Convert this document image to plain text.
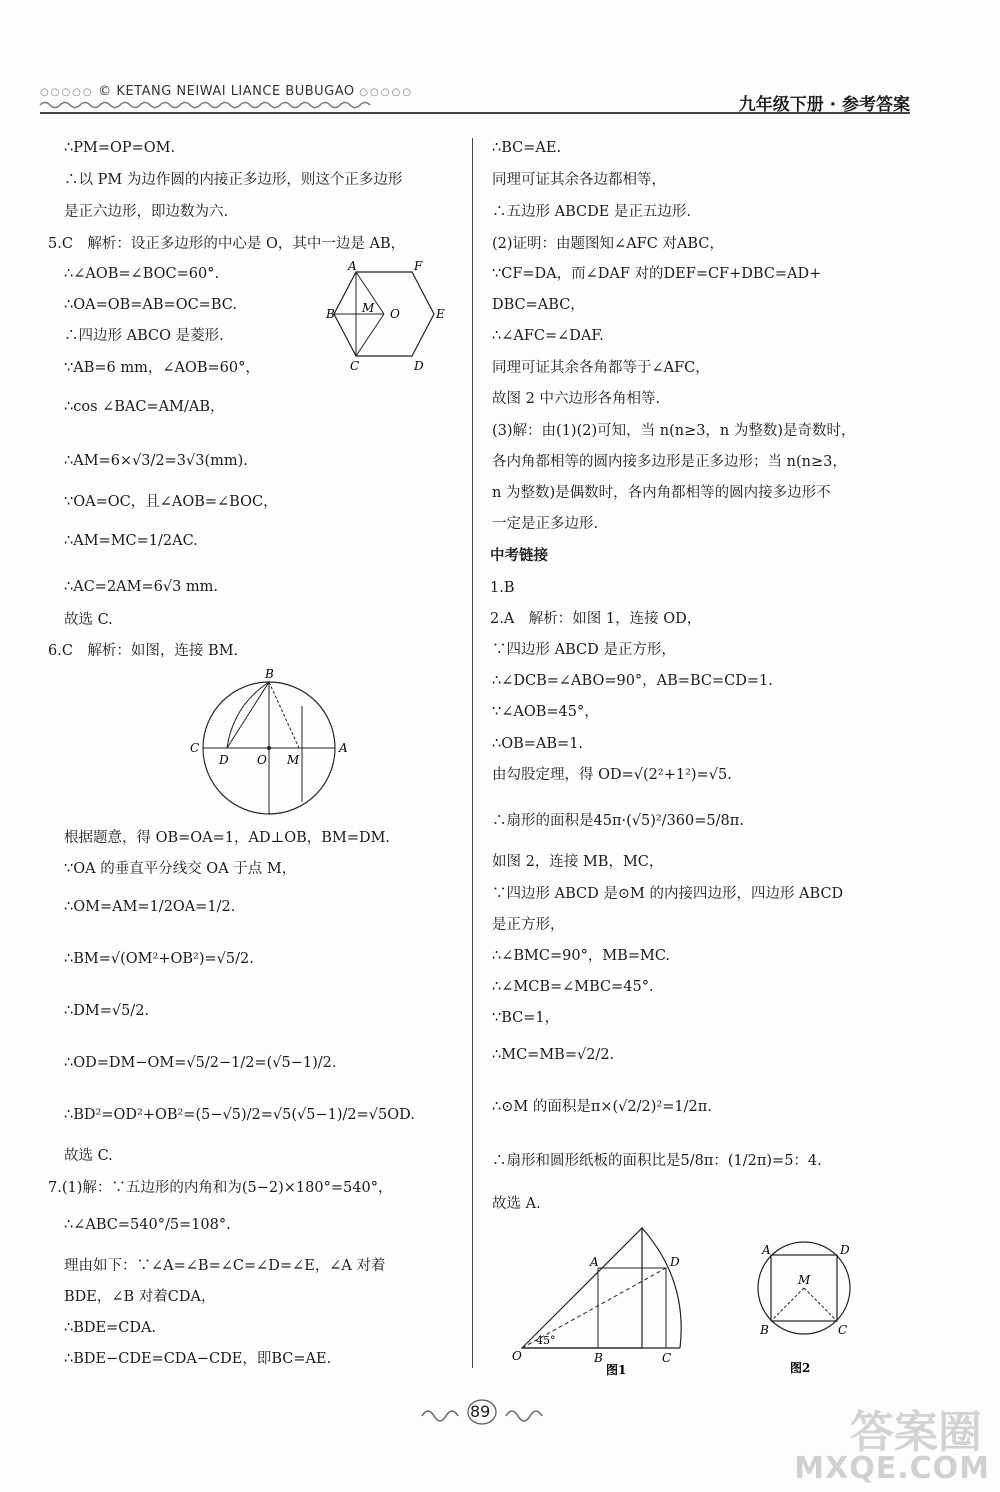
○○○○○ © KETANG NEIWAI LIANCE BUBUGAO ○○○○○
九年级下册 · 参考答案
∴PM=OP=OM.
∴以 PM 为边作圆的内接正多边形，则这个正多边形
是正六边形，即边数为六.
5.C　解析：设正多边形的中心是 O，其中一边是 AB，
∴∠AOB=∠BOC=60°.
∴OA=OB=AB=OC=BC.
∴四边形 ABCO 是菱形.
∵AB=6 mm，∠AOB=60°，
∴cos ∠BAC=AM/AB，
∴AM=6×√3/2=3√3(mm).
∵OA=OC，且∠AOB=∠BOC，
∴AM=MC=1/2AC.
∴AC=2AM=6√3 mm.
故选 C.
6.C　解析：如图，连接 BM.
根据题意，得 OB=OA=1，AD⊥OB，BM=DM.
∵OA 的垂直平分线交 OA 于点 M，
∴OM=AM=1/2OA=1/2.
∴BM=√(OM²+OB²)=√5/2.
∴DM=√5/2.
∴OD=DM−OM=√5/2−1/2=(√5−1)/2.
∴BD²=OD²+OB²=(5−√5)/2=√5(√5−1)/2=√5OD.
故选 C.
7.(1)解：∵五边形的内角和为(5−2)×180°=540°，
∴∠ABC=540°/5=108°.
理由如下：∵∠A=∠B=∠C=∠D=∠E，∠A 对着
BDE，∠B 对着CDA，
∴BDE=CDA.
∴BDE−CDE=CDA−CDE，即BC=AE.
A	F
B M O	E
C	D
B
C
D O M
A
∴BC=AE.
同理可证其余各边都相等，
∴五边形 ABCDE 是正五边形.
(2)证明：由题图知∠AFC 对ABC，
∵CF=DA，而∠DAF 对的DEF=CF+DBC=AD+
DBC=ABC，
∴∠AFC=∠DAF.
同理可证其余各角都等于∠AFC，
故图 2 中六边形各角相等.
(3)解：由(1)(2)可知，当 n(n≥3，n 为整数)是奇数时，
各内角都相等的圆内接多边形是正多边形；当 n(n≥3，
n 为整数)是偶数时，各内角都相等的圆内接多边形不
一定是正多边形.
中考链接
1.B
2.A　解析：如图 1，连接 OD，
∵四边形 ABCD 是正方形，
∴∠DCB=∠ABO=90°，AB=BC=CD=1.
∵∠AOB=45°，
∴OB=AB=1.
由勾股定理，得 OD=√(2²+1²)=√5.
∴扇形的面积是45π·(√5)²/360=5/8π.
如图 2，连接 MB，MC，
∵四边形 ABCD 是⊙M 的内接四边形，四边形 ABCD
是正方形，
∴∠BMC=90°，MB=MC.
∴∠MCB=∠MBC=45°.
∵BC=1，
∴MC=MB=√2/2.
∴⊙M 的面积是π×(√2/2)²=1/2π.
∴扇形和圆形纸板的面积比是5/8π：(1/2π)=5：4.
故选 A.
A	D
O
45°
B	C
图1
A	D
M
B	C
图2
89	答案圈
MXQE.COM
